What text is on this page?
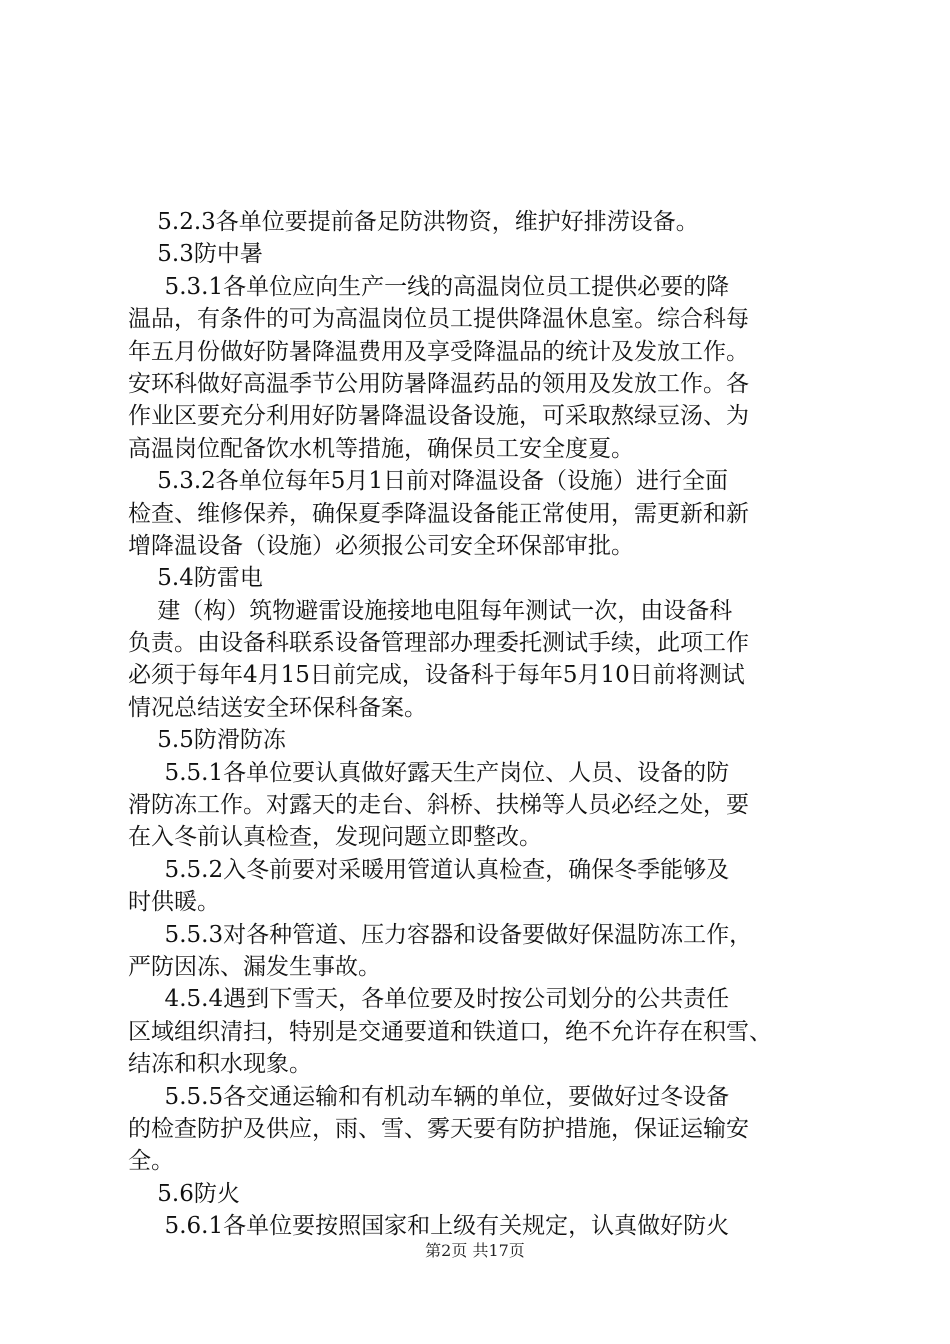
5.2.3各单位要提前备足防洪物资，维护好排涝设备。
5.3防中暑
5.3.1各单位应向生产一线的高温岗位员工提供必要的降
温品，有条件的可为高温岗位员工提供降温休息室。综合科每
年五月份做好防暑降温费用及享受降温品的统计及发放工作。
安环科做好高温季节公用防暑降温药品的领用及发放工作。各
作业区要充分利用好防暑降温设备设施，可采取熬绿豆汤、为
高温岗位配备饮水机等措施，确保员工安全度夏。
5.3.2各单位每年5月1日前对降温设备（设施）进行全面
检查、维修保养，确保夏季降温设备能正常使用，需更新和新
增降温设备（设施）必须报公司安全环保部审批。
5.4防雷电
建（构）筑物避雷设施接地电阻每年测试一次，由设备科
负责。由设备科联系设备管理部办理委托测试手续，此项工作
必须于每年4月15日前完成，设备科于每年5月10日前将测试
情况总结送安全环保科备案。
5.5防滑防冻
5.5.1各单位要认真做好露天生产岗位、人员、设备的防
滑防冻工作。对露天的走台、斜桥、扶梯等人员必经之处，要
在入冬前认真检查，发现问题立即整改。
5.5.2入冬前要对采暖用管道认真检查，确保冬季能够及
时供暖。
5.5.3对各种管道、压力容器和设备要做好保温防冻工作，
严防因冻、漏发生事故。
4.5.4遇到下雪天，各单位要及时按公司划分的公共责任
区域组织清扫，特别是交通要道和铁道口，绝不允许存在积雪、
结冻和积水现象。
5.5.5各交通运输和有机动车辆的单位，要做好过冬设备
的检查防护及供应，雨、雪、雾天要有防护措施，保证运输安
全。
5.6防火
5.6.1各单位要按照国家和上级有关规定，认真做好防火
第2页 共17页
